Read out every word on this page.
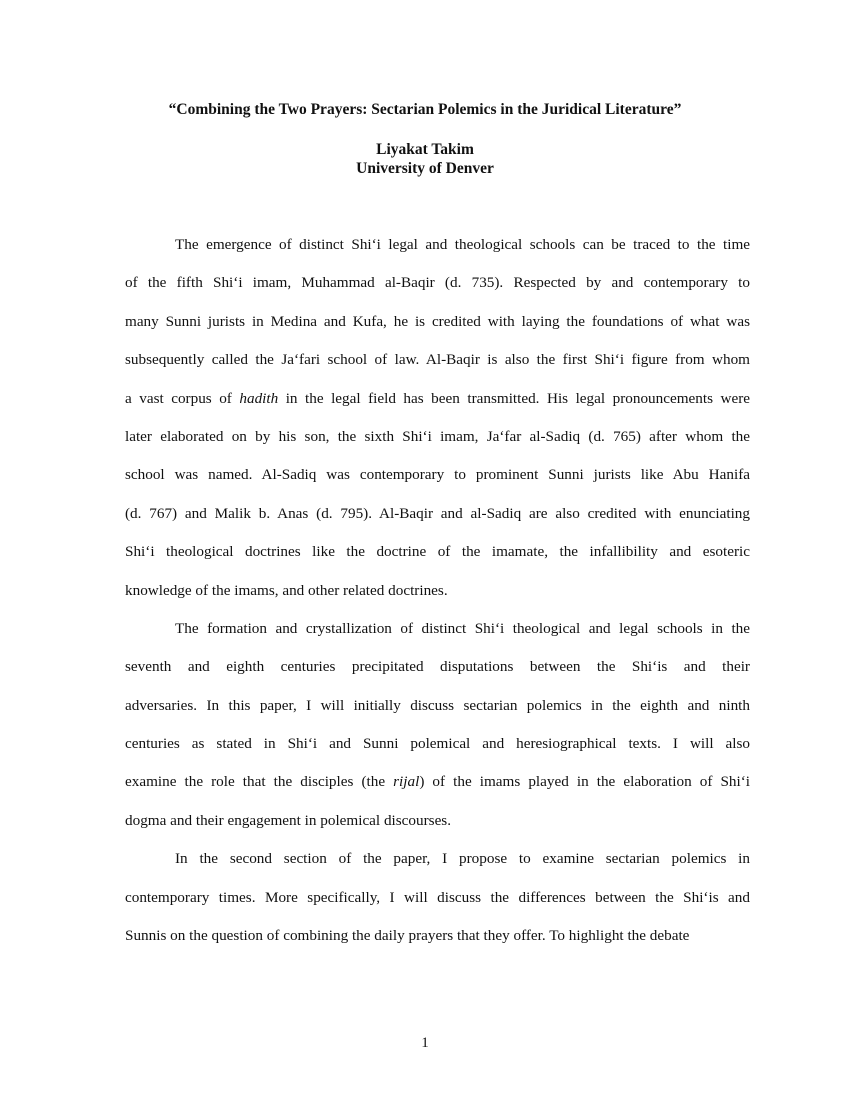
“Combining the Two Prayers: Sectarian Polemics in the Juridical Literature”
Liyakat Takim
University of Denver
The emergence of distinct Shi‘i legal and theological schools can be traced to the time
of the fifth Shi‘i imam, Muhammad al-Baqir (d. 735). Respected by and contemporary to
many Sunni jurists in Medina and Kufa, he is credited with laying the foundations of what was
subsequently called the Ja‘fari school of law. Al-Baqir is also the first Shi‘i figure from whom
a vast corpus of hadith in the legal field has been transmitted. His legal pronouncements were
later elaborated on by his son, the sixth Shi‘i imam, Ja‘far al-Sadiq (d. 765) after whom the
school was named. Al-Sadiq was contemporary to prominent Sunni jurists like Abu Hanifa
(d. 767) and Malik b. Anas (d. 795). Al-Baqir and al-Sadiq are also credited with enunciating
Shi‘i theological doctrines like the doctrine of the imamate, the infallibility and esoteric
knowledge of the imams, and other related doctrines.
The formation and crystallization of distinct Shi‘i theological and legal schools in the
seventh and eighth centuries precipitated disputations between the Shi‘is and their
adversaries. In this paper, I will initially discuss sectarian polemics in the eighth and ninth
centuries as stated in Shi‘i and Sunni polemical and heresiographical texts. I will also
examine the role that the disciples (the rijal) of the imams played in the elaboration of Shi‘i
dogma and their engagement in polemical discourses.
In the second section of the paper, I propose to examine sectarian polemics in
contemporary times. More specifically, I will discuss the differences between the Shi‘is and
Sunnis on the question of combining the daily prayers that they offer. To highlight the debate
1
